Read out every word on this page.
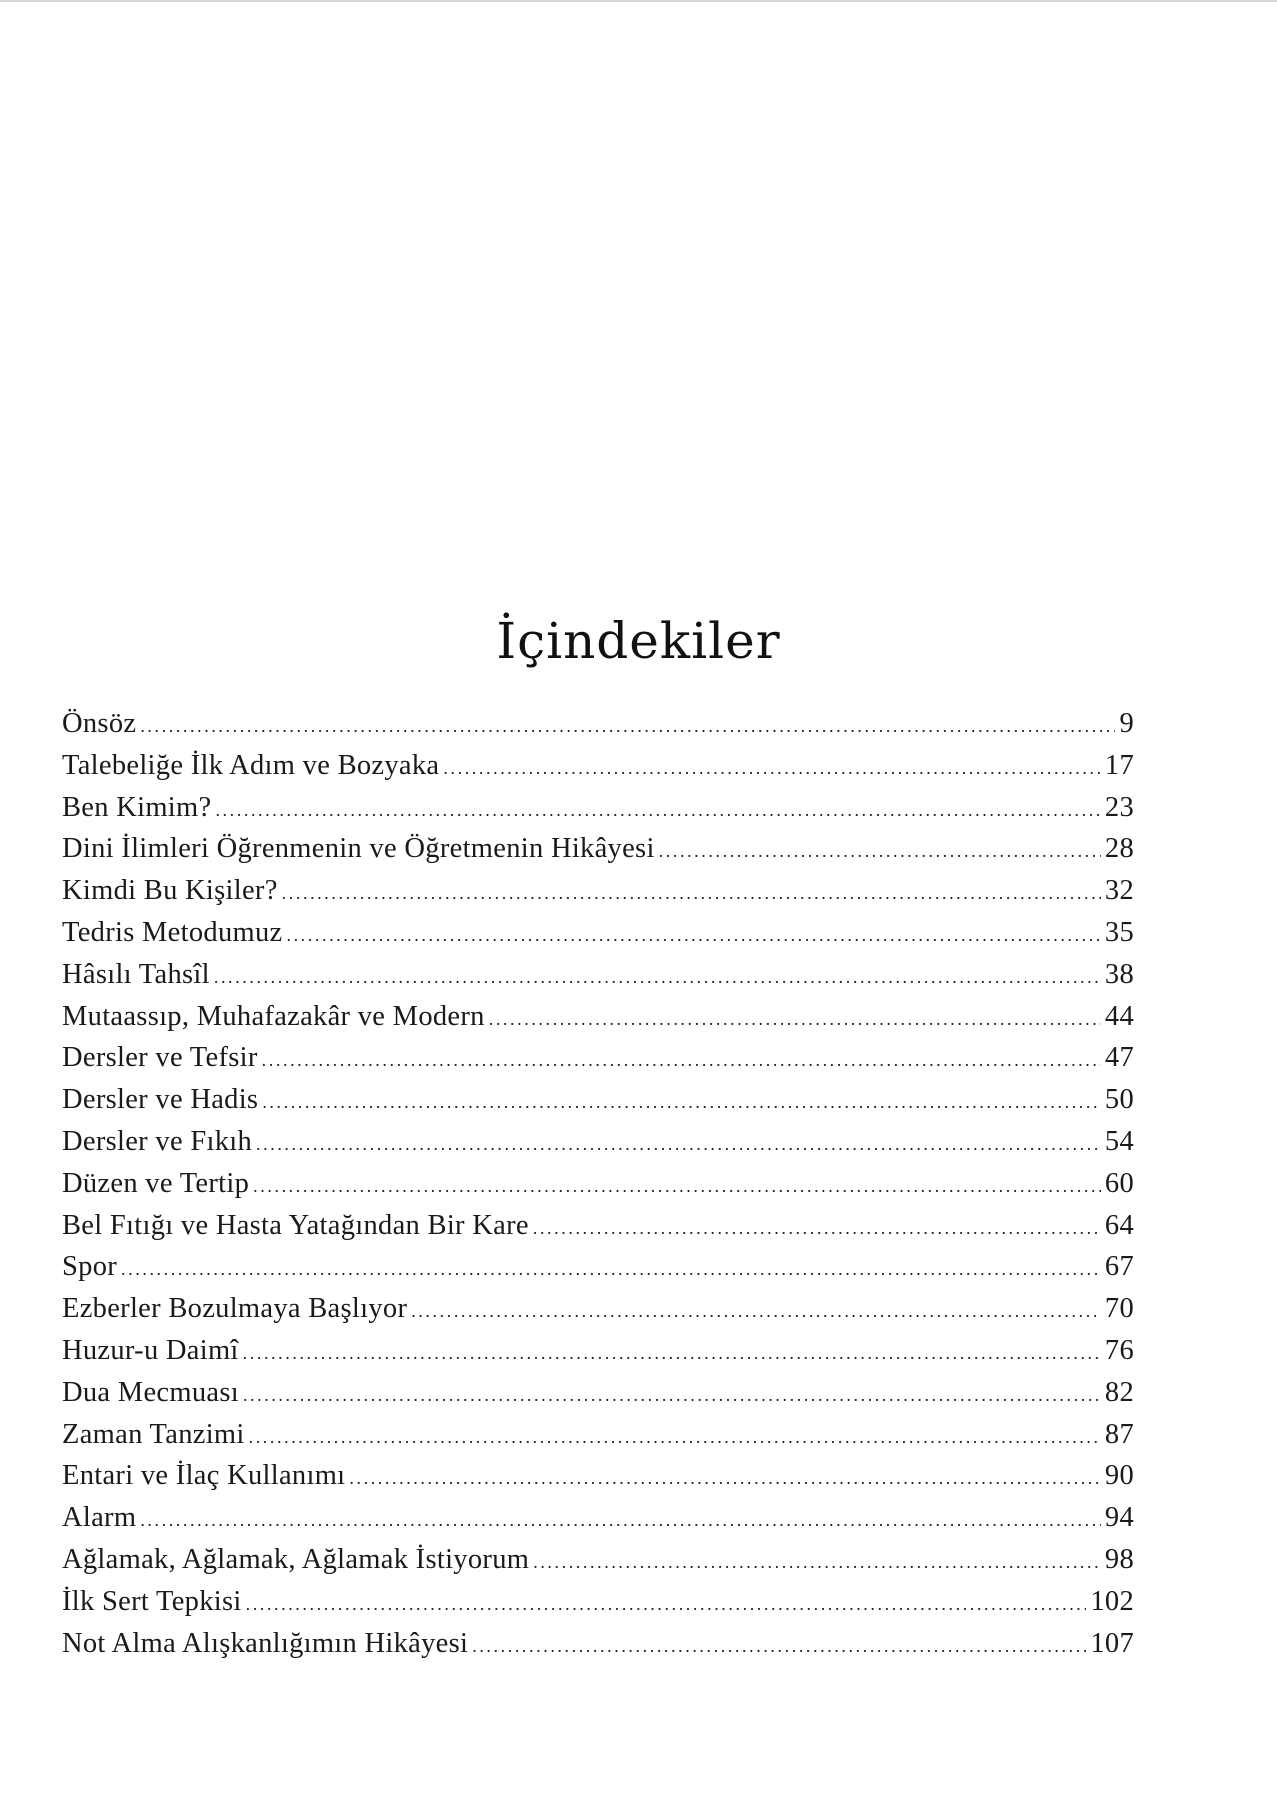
İçindekiler
Önsöz .....	9
Talebeliğe İlk Adım ve Bozyaka .....	17
Ben Kimim? .....	23
Dini İlimleri Öğrenmenin ve Öğretmenin Hikâyesi .....	28
Kimdi Bu Kişiler? .....	32
Tedris Metodumuz .....	35
Hâsılı Tahsîl .....	38
Mutaassıp, Muhafazakâr ve Modern .....	44
Dersler ve Tefsir .....	47
Dersler ve Hadis .....	50
Dersler ve Fıkıh .....	54
Düzen ve Tertip .....	60
Bel Fıtığı ve Hasta Yatağından Bir Kare .....	64
Spor .....	67
Ezberler Bozulmaya Başlıyor .....	70
Huzur-u Daimî .....	76
Dua Mecmuası .....	82
Zaman Tanzimi .....	87
Entari ve İlaç Kullanımı .....	90
Alarm .....	94
Ağlamak, Ağlamak, Ağlamak İstiyorum .....	98
İlk Sert Tepkisi .....	102
Not Alma Alışkanlığımın Hikâyesi .....	107
